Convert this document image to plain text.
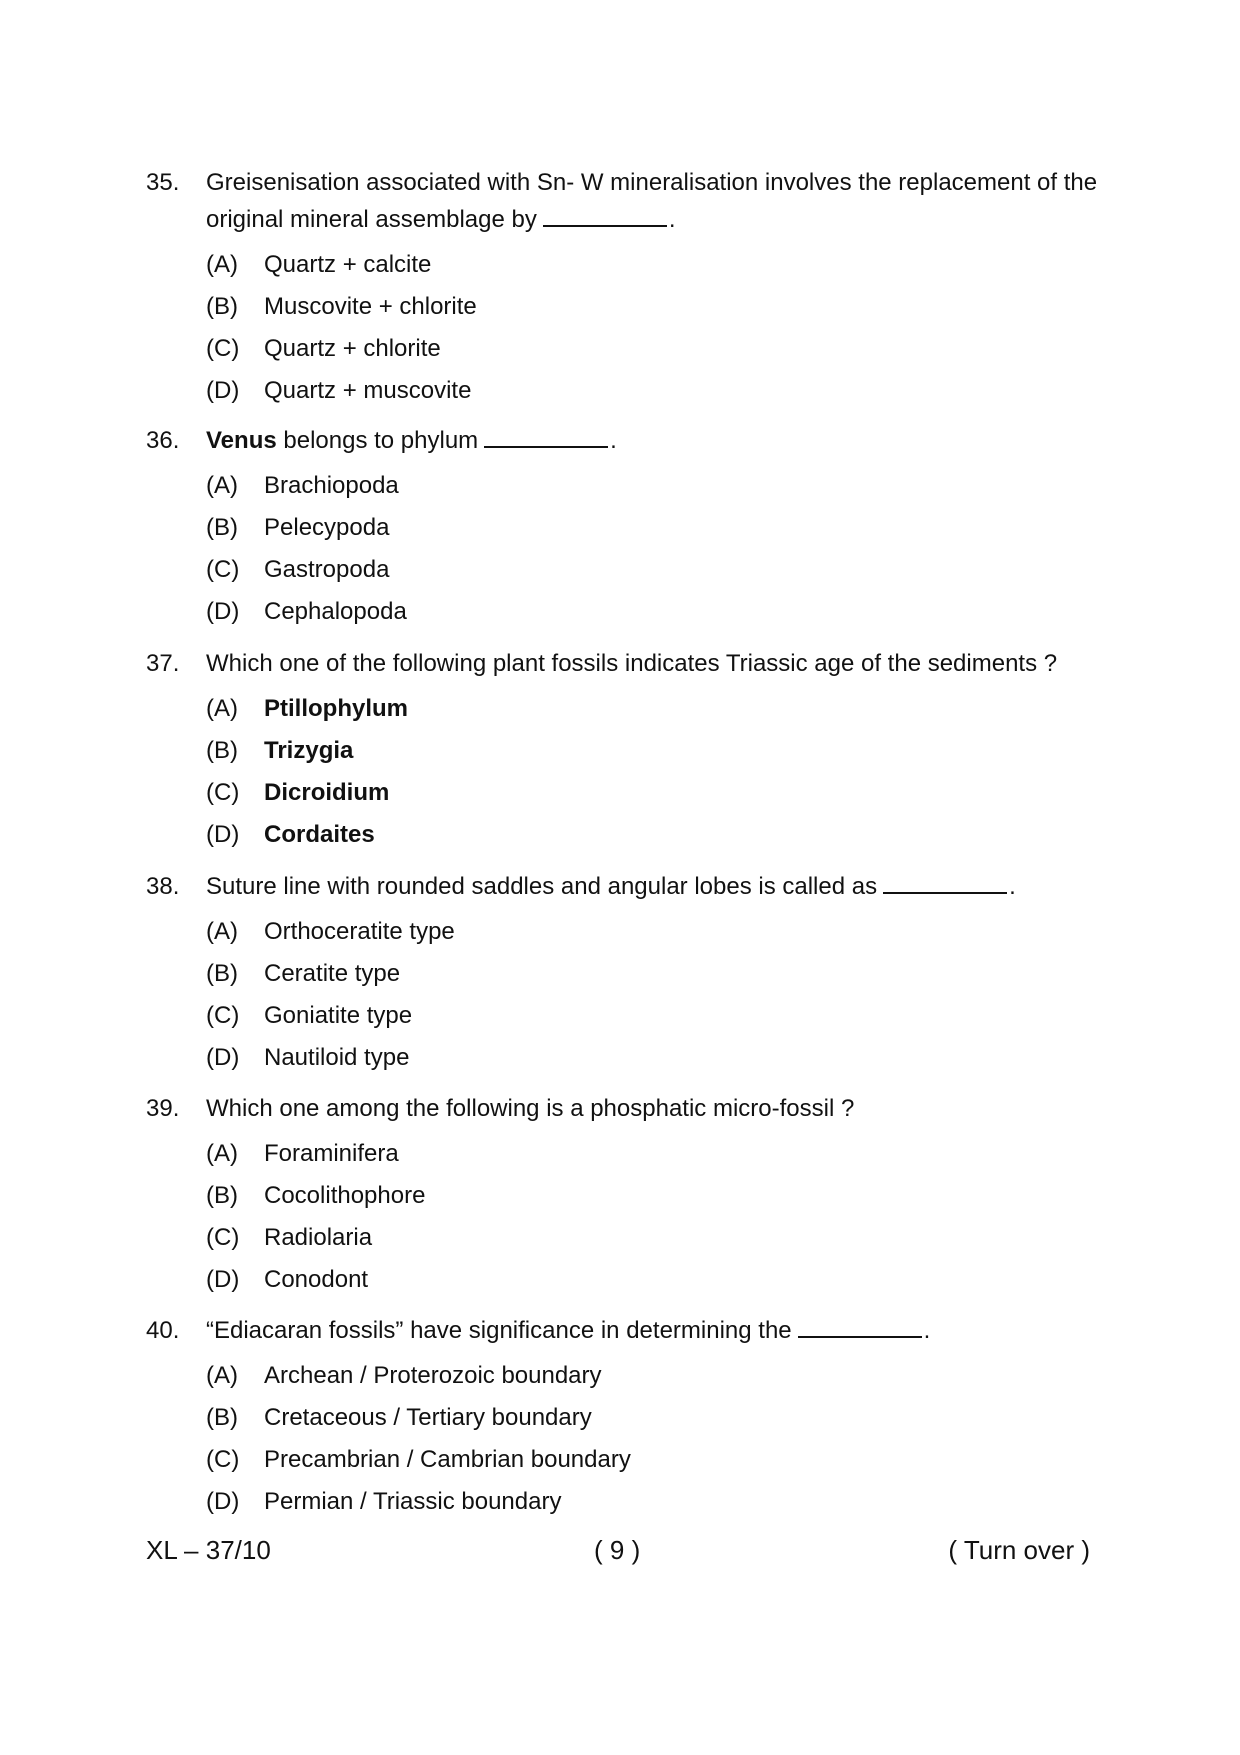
35.	Greisenisation associated with Sn- W mineralisation involves the replacement of the original mineral assemblage by	.
(A)	Quartz + calcite
(B)	Muscovite + chlorite
(C)	Quartz + chlorite
(D)	Quartz + muscovite
36.	Venus belongs to phylum	.
(A)	Brachiopoda
(B)	Pelecypoda
(C)	Gastropoda
(D)	Cephalopoda
37.	Which one of the following plant fossils indicates Triassic age of the sediments ?
(A)	Ptillophylum
(B)	Trizygia
(C)	Dicroidium
(D)	Cordaites
38.	Suture line with rounded saddles and angular lobes is called as	.
(A)	Orthoceratite type
(B)	Ceratite type
(C)	Goniatite type
(D)	Nautiloid type
39.	Which one among the following is a phosphatic micro-fossil ?
(A)	Foraminifera
(B)	Cocolithophore
(C)	Radiolaria
(D)	Conodont
40.	“Ediacaran fossils” have significance in determining the	.
(A)	Archean / Proterozoic boundary
(B)	Cretaceous / Tertiary boundary
(C)	Precambrian / Cambrian boundary
(D)	Permian / Triassic boundary
XL – 37/10	( 9 )	( Turn over )
